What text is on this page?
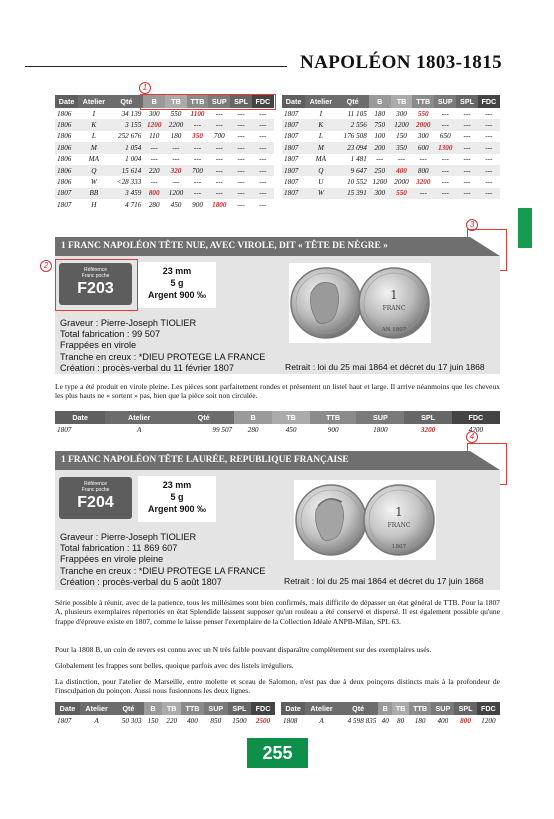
NAPOLÉON 1803-1815
1
Date	Atelier	Qté	B	TB	TTB	SUP	SPL	FDC
1806	I	34 139	300	550	1100	---	---	---
1806	K	3 155	1200	2200	---	---	---	---
1806	L	252 676	110	180	350	700	---	---
1806	M	1 054	---	---	---	---	---	---
1806	MA	1 004	---	---	---	---	---	---
1806	Q	15 614	220	320	700	---	---	---
1806	W	<28 333	---	---	---	---	---	---
1807	BB	3 459	800	1200	---	---	---	---
1807	H	4 716	280	450	900	1800	---	---
Date	Atelier	Qté	B	TB	TTB	SUP	SPL	FDC
1807	I	11 105	180	300	550	---	---	---
1807	K	2 556	750	1200	2000	---	---	---
1807	L	176 508	100	150	300	650	---	---
1807	M	23 094	200	350	600	1300	---	---
1807	MA	1 481	---	---	---	---	---	---
1807	Q	9 647	250	400	800	---	---	---
1807	U	10 552	1200	2000	3200	---	---	---
1807	W	15 391	300	550	---	---	---	---
3
1 FRANC NAPOLÉON TÊTE NUE, AVEC VIROLE, DIT « TÊTE DE NÈGRE »
2	Référence
Franc poche
F203
23 mm
5 g
Argent 900 ‰	1
FRANC
AN 1807
Graveur : Pierre-Joseph TIOLIER
Total fabrication : 99 507
Frappées en virole
Tranche en creux : *DIEU PROTEGE LA FRANCE
Création : procès-verbal du 11 février 1807	Retrait : loi du 25 mai 1864 et décret du 17 juin 1868
Le type a été produit en virole pleine. Les pièces sont parfaitement rondes et présentent un listel haut et large. Il arrive néanmoins que les cheveux les plus hauts ne « sortent » pas, bien que la pièce soit non circulée.
Date	Atelier	Qté	B	TB	TTB	SUP	SPL	FDC
1807	A	99 507	280	450	900	1800	3200	4200
4
1 FRANC NAPOLÉON TÊTE LAURÉE, REPUBLIQUE FRANÇAISE
Référence
Franc poche
F204
23 mm
5 g
Argent 900 ‰	1
FRANC
1807
Graveur : Pierre-Joseph TIOLIER
Total fabrication : 11 869 607
Frappées en virole pleine
Tranche en creux : *DIEU PROTEGE LA FRANCE
Création : procès-verbal du 5 août 1807	Retrait : loi du 25 mai 1864 et décret du 17 juin 1868
Série possible à réunir, avec de la patience, tous les millésimes sont bien confirmés, mais difficile de dépasser un état général de TTB. Pour la 1807 A, plusieurs exemplaires répertoriés en état Splendide laissent supposer qu'un rouleau a été conservé et dispersé. Il est également possible qu'une frappe d'épreuve existe en 1807, comme le laisse penser l'exemplaire de la Collection Idéale ANPB-Milan, SPL 63.
Pour la 1808 B, un coin de revers est connu avec un N très faible pouvant disparaître complètement sur des exemplaires usés.
Globalement les frappes sont belles, quoique parfois avec des listels irréguliers.
La distinction, pour l'atelier de Marseille, entre molette et sceau de Salomon, n'est pas due à deux poinçons distincts mais à la profondeur de l'insculpation du poinçon. Aussi nous fusionnons les deux lignes.
Date	Atelier	Qté	B	TB	TTB	SUP	SPL	FDC
1807	A	50 303	150	220	400	850	1500	2500
Date	Atelier	Qté	B	TB	TTB	SUP	SPL	FDC
1808	A	4 598 835	40	80	180	400	800	1200
255
